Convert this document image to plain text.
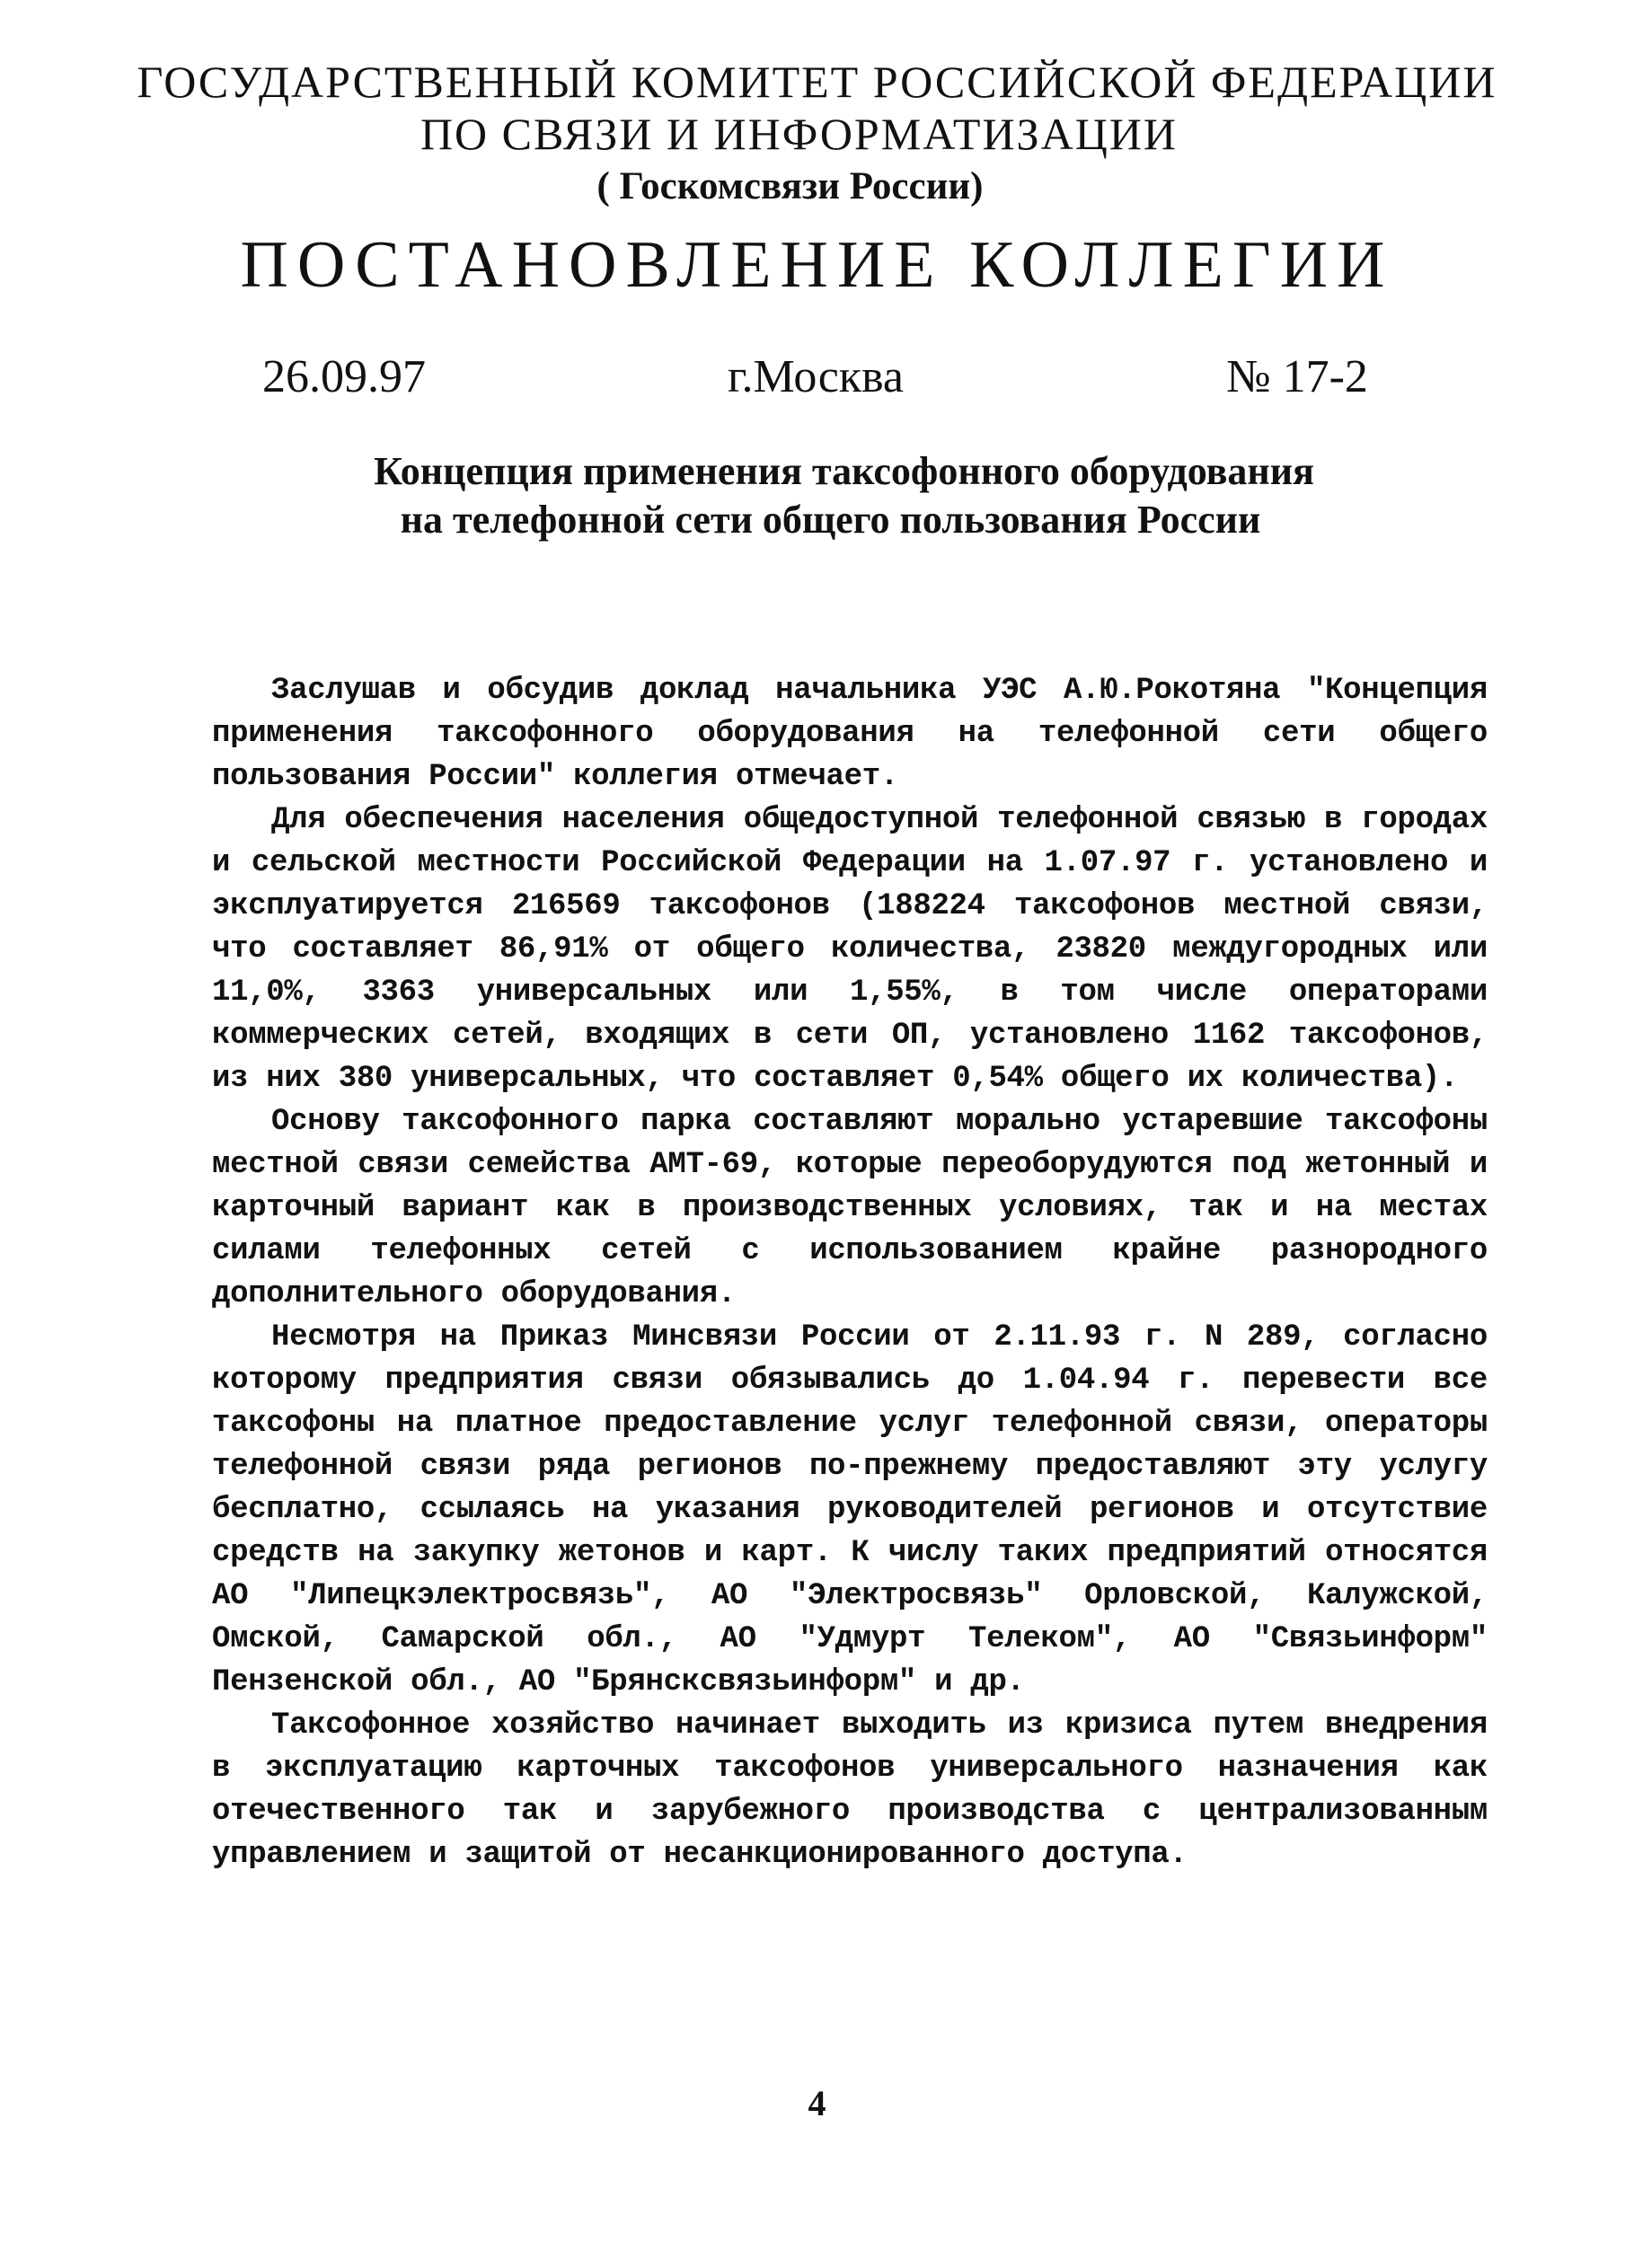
ГОСУДАРСТВЕННЫЙ КОМИТЕТ РОССИЙСКОЙ ФЕДЕРАЦИИ
ПО СВЯЗИ И ИНФОРМАТИЗАЦИИ
( Госкомсвязи России)
ПОСТАНОВЛЕНИЕ КОЛЛЕГИИ
26.09.97	г.Москва	№ 17-2
Концепция применения таксофонного оборудования
на телефонной сети общего пользования России

Заслушав и обсудив доклад начальника УЭС А.Ю.Рокотяна "Концепция применения таксофонного оборудования на телефонной сети общего пользования России" коллегия отмечает.

Для обеспечения населения общедоступной телефонной связью в городах и сельской местности Российской Федерации на 1.07.97 г. установлено и эксплуатируется 216569 таксофонов (188224 таксофонов местной связи, что составляет 86,91% от общего количества, 23820 междугородных или 11,0%, 3363 универсальных или 1,55%, в том числе операторами коммерческих сетей, входящих в сети ОП, установлено 1162 таксофонов, из них 380 универсальных, что составляет 0,54% общего их количества).

Основу таксофонного парка составляют морально устаревшие таксофоны местной связи семейства АМТ-69, которые переоборудуются под жетонный и карточный вариант как в производственных условиях, так и на местах силами телефонных сетей с использованием крайне разнородного дополнительного оборудования.

Несмотря на Приказ Минсвязи России от 2.11.93 г. N 289, согласно которому предприятия связи обязывались до 1.04.94 г. перевести все таксофоны на платное предоставление услуг телефонной связи, операторы телефонной связи ряда регионов по-прежнему предоставляют эту услугу бесплатно, ссылаясь на указания руководителей регионов и отсутствие средств на закупку жетонов и карт. К числу таких предприятий относятся АО "Липецкэлектросвязь", АО "Электросвязь" Орловской, Калужской, Омской, Самарской обл., АО "Удмурт Телеком", АО "Связьинформ" Пензенской обл., АО "Брянсксвязьинформ" и др.

Таксофонное хозяйство начинает выходить из кризиса путем внедрения в эксплуатацию карточных таксофонов универсального назначения как отечественного так и зарубежного производства с централизованным управлением и защитой от несанкционированного доступа.

4
